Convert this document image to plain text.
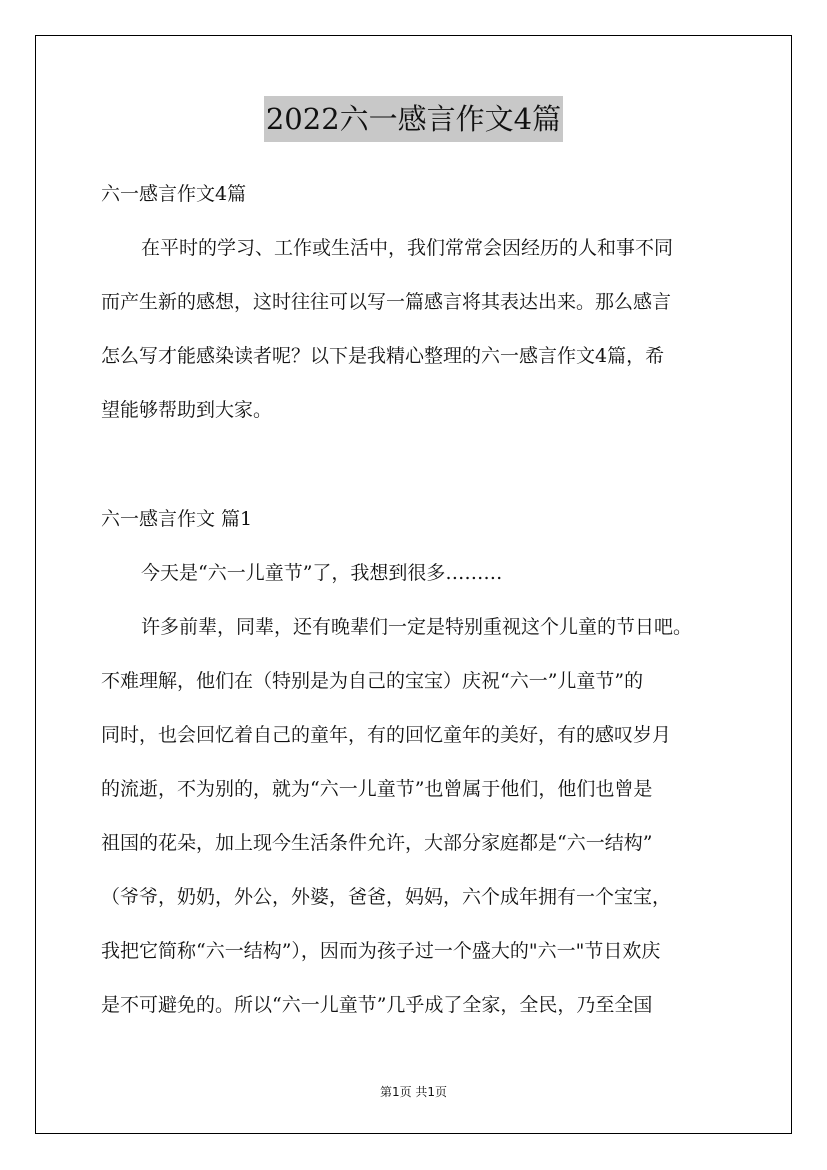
2022六一感言作文4篇
六一感言作文4篇
在平时的学习、工作或生活中，我们常常会因经历的人和事不同
而产生新的感想，这时往往可以写一篇感言将其表达出来。那么感言
怎么写才能感染读者呢？以下是我精心整理的六一感言作文4篇，希
望能够帮助到大家。
六一感言作文 篇1
今天是“六一儿童节”了，我想到很多………
许多前辈，同辈，还有晚辈们一定是特别重视这个儿童的节日吧。
不难理解，他们在（特别是为自己的宝宝）庆祝“六一”儿童节”的
同时，也会回忆着自己的童年，有的回忆童年的美好，有的感叹岁月
的流逝，不为别的，就为“六一儿童节”也曾属于他们，他们也曾是
祖国的花朵，加上现今生活条件允许，大部分家庭都是“六一结构”
（爷爷，奶奶，外公，外婆，爸爸，妈妈，六个成年拥有一个宝宝，
我把它简称“六一结构”），因而为孩子过一个盛大的"六一"节日欢庆
是不可避免的。所以“六一儿童节”几乎成了全家，全民，乃至全国
第1页 共1页
